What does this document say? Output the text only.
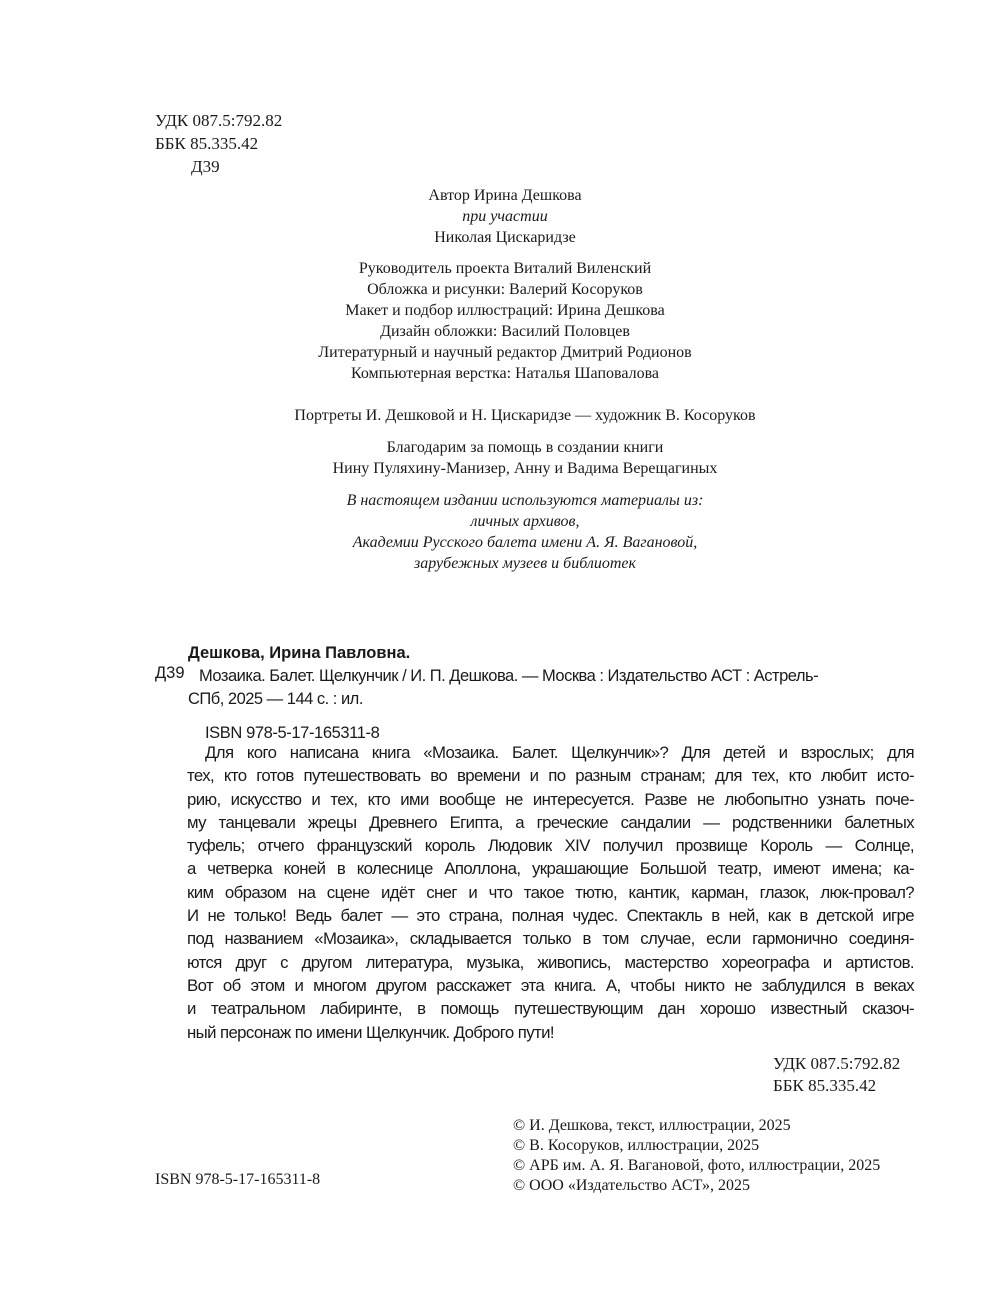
УДК 087.5:792.82
ББК 85.335.42
Д39
Автор Ирина Дешкова
при участии
Николая Цискаридзе
Руководитель проекта Виталий Виленский
Обложка и рисунки: Валерий Косоруков
Макет и подбор иллюстраций: Ирина Дешкова
Дизайн обложки: Василий Половцев
Литературный и научный редактор Дмитрий Родионов
Компьютерная верстка: Наталья Шаповалова
Портреты И. Дешковой и Н. Цискаридзе — художник В. Косоруков
Благодарим за помощь в создании книги
Нину Пуляхину-Манизер, Анну и Вадима Верещагиных
В настоящем издании используются материалы из:
личных архивов,
Академии Русского балета имени А. Я. Вагановой,
зарубежных музеев и библиотек
Дешкова, Ирина Павловна.
Д39 Мозаика. Балет. Щелкунчик / И. П. Дешкова. — Москва : Издательство АСТ : Астрель-
СПб, 2025 — 144 с. : ил.
ISBN 978-5-17-165311-8
Для кого написана книга «Мозаика. Балет. Щелкунчик»? Для детей и взрослых; для
тех, кто готов путешествовать во времени и по разным странам; для тех, кто любит исто-
рию, искусство и тех, кто ими вообще не интересуется. Разве не любопытно узнать поче-
му танцевали жрецы Древнего Египта, а греческие сандалии — родственники балетных
туфель; отчего французский король Людовик XIV получил прозвище Король — Солнце,
а четверка коней в колеснице Аполлона, украшающие Большой театр, имеют имена; ка-
ким образом на сцене идёт снег и что такое тютю, кантик, карман, глазок, люк-провал?
И не только! Ведь балет — это страна, полная чудес. Спектакль в ней, как в детской игре
под названием «Мозаика», складывается только в том случае, если гармонично соединя-
ются друг с другом литература, музыка, живопись, мастерство хореографа и артистов.
Вот об этом и многом другом расскажет эта книга. А, чтобы никто не заблудился в веках
и театральном лабиринте, в помощь путешествующим дан хорошо известный сказоч-
ный персонаж по имени Щелкунчик. Доброго пути!
УДК 087.5:792.82
ББК 85.335.42
© И. Дешкова, текст, иллюстрации, 2025
© В. Косоруков, иллюстрации, 2025
© АРБ им. А. Я. Вагановой, фото, иллюстрации, 2025
© ООО «Издательство АСТ», 2025
ISBN 978-5-17-165311-8
